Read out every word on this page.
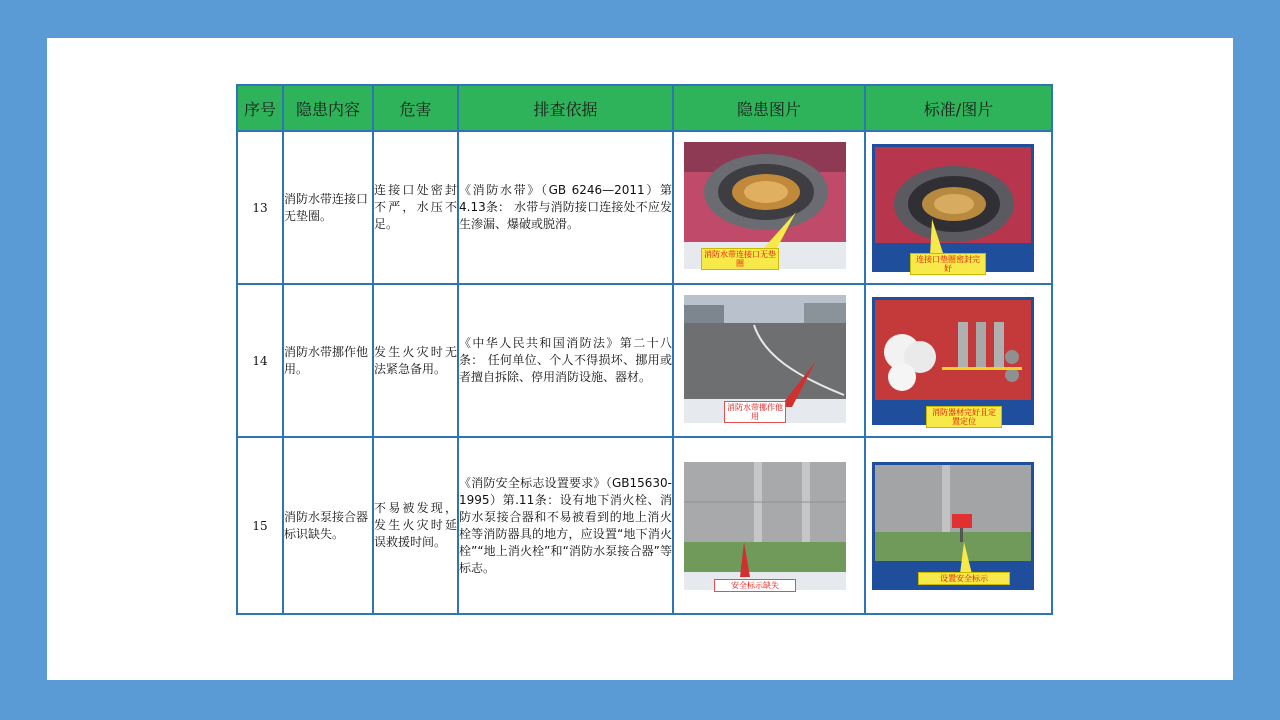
序号	隐患内容	危害	排查依据	隐患图片	标准/图片
13	消防水带连接口无垫圈。	连接口处密封不严，水压不足。	《消防水带》（GB 6246—2011）第4.13条： 水带与消防接口连接处不应发生渗漏、爆破或脱滑。	消防水带连接口无垫圈	连接口垫圈密封完好

14	消防水带挪作他用。	发生火灾时无法紧急备用。	《中华人民共和国消防法》第二十八条： 任何单位、个人不得损坏、挪用或者擅自拆除、停用消防设施、器材。	消防水带挪作他用	消防器材完好且定置定位

15	消防水泵接合器标识缺失。	不易被发现，发生火灾时延误救援时间。	《消防安全标志设置要求》（GB15630-1995）第.11条：设有地下消火栓、消防水泵接合器和不易被看到的地上消火栓等消防器具的地方，应设置“地下消火栓”“地上消火栓”和“消防水泵接合器”等标志。	安全标示缺失	设置安全标示
